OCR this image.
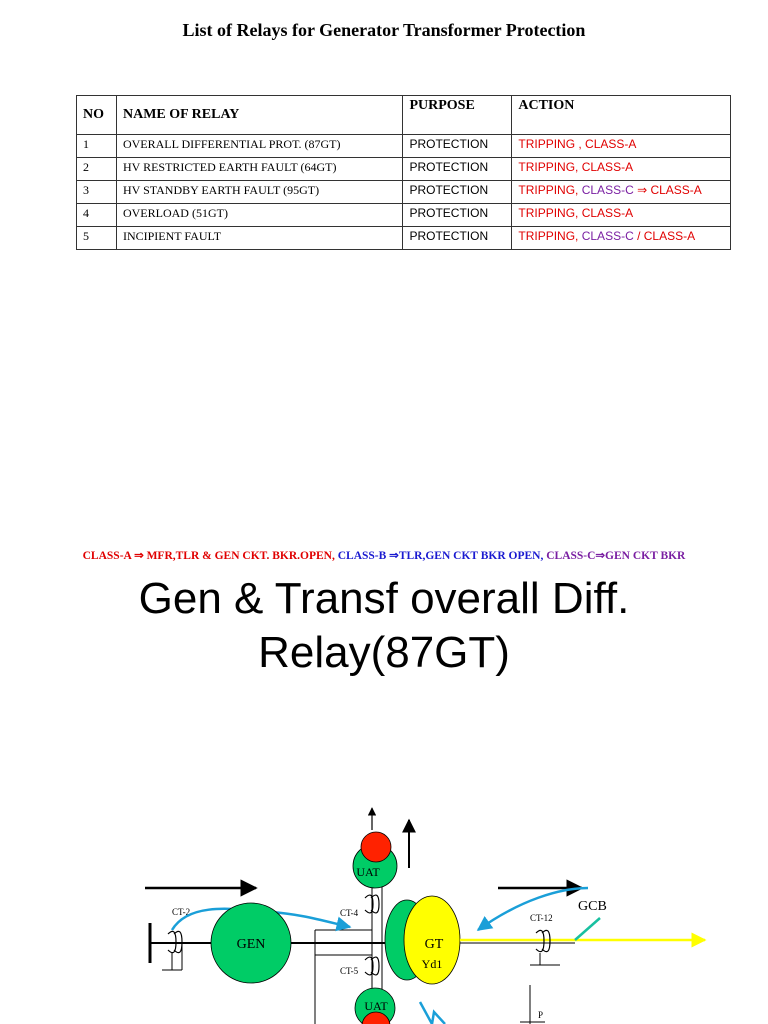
List of Relays for Generator Transformer Protection
NO	NAME OF RELAY	PURPOSE	ACTION
1	OVERALL DIFFERENTIAL PROT. (87GT)	PROTECTION	TRIPPING , CLASS-A
2	HV RESTRICTED EARTH FAULT (64GT)	PROTECTION	TRIPPING, CLASS-A
3	HV STANDBY EARTH FAULT (95GT)	PROTECTION	TRIPPING, CLASS-C ⇒ CLASS-A
4	OVERLOAD (51GT)	PROTECTION	TRIPPING, CLASS-A
5	INCIPIENT FAULT	PROTECTION	TRIPPING, CLASS-C / CLASS-A
CLASS-A ⇒ MFR,TLR & GEN CKT. BKR.OPEN, CLASS-B ⇒TLR,GEN CKT BKR OPEN, CLASS-C⇒GEN CKT BKR
Gen & Transf overall Diff.
Relay(87GT)
CT-2
GEN
UAT
CT-4
CT-5
GT
Yd1
CT-12
GCB
P
UAT
